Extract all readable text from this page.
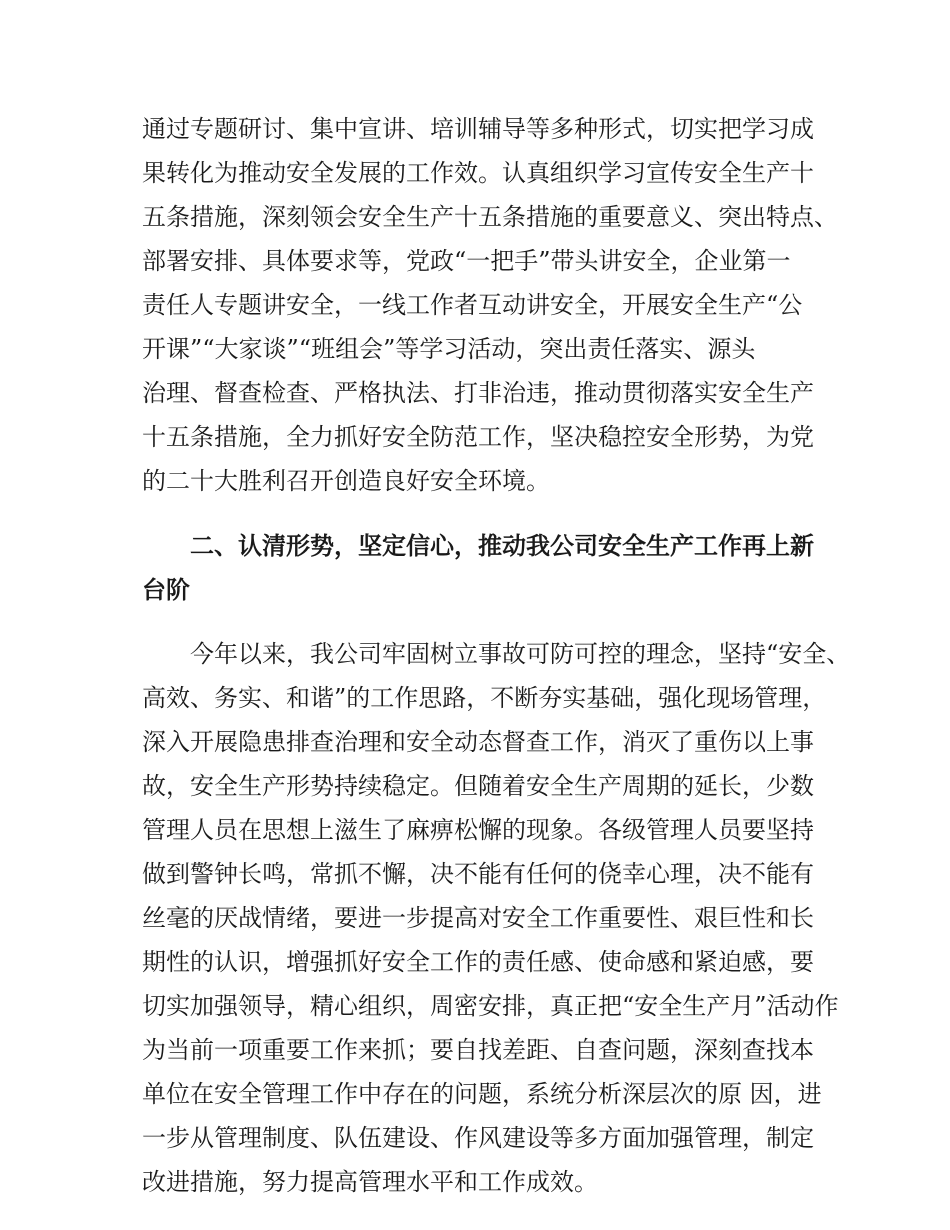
通过专题研讨、集中宣讲、培训辅导等多种形式，切实把学习成
果转化为推动安全发展的工作效。认真组织学习宣传安全生产十
五条措施，深刻领会安全生产十五条措施的重要意义、突出特点、
部署安排、具体要求等，党政“一把手”带头讲安全，企业第一
责任人专题讲安全，一线工作者互动讲安全，开展安全生产“公
开课”“大家谈”“班组会”等学习活动，突出责任落实、源头
治理、督查检查、严格执法、打非治违，推动贯彻落实安全生产
十五条措施，全力抓好安全防范工作，坚决稳控安全形势，为党
的二十大胜利召开创造良好安全环境。
二、认清形势，坚定信心，推动我公司安全生产工作再上新
台阶
今年以来，我公司牢固树立事故可防可控的理念，坚持“安全、
高效、务实、和谐”的工作思路，不断夯实基础，强化现场管理，
深入开展隐患排查治理和安全动态督查工作，消灭了重伤以上事
故，安全生产形势持续稳定。但随着安全生产周期的延长，少数
管理人员在思想上滋生了麻痹松懈的现象。各级管理人员要坚持
做到警钟长鸣，常抓不懈，决不能有任何的侥幸心理，决不能有
丝毫的厌战情绪，要进一步提高对安全工作重要性、艰巨性和长
期性的认识，增强抓好安全工作的责任感、使命感和紧迫感，要
切实加强领导，精心组织，周密安排，真正把“安全生产月”活动作
为当前一项重要工作来抓；要自找差距、自查问题，深刻查找本
单位在安全管理工作中存在的问题，系统分析深层次的原 因，进
一步从管理制度、队伍建设、作风建设等多方面加强管理，制定
改进措施，努力提高管理水平和工作成效。
